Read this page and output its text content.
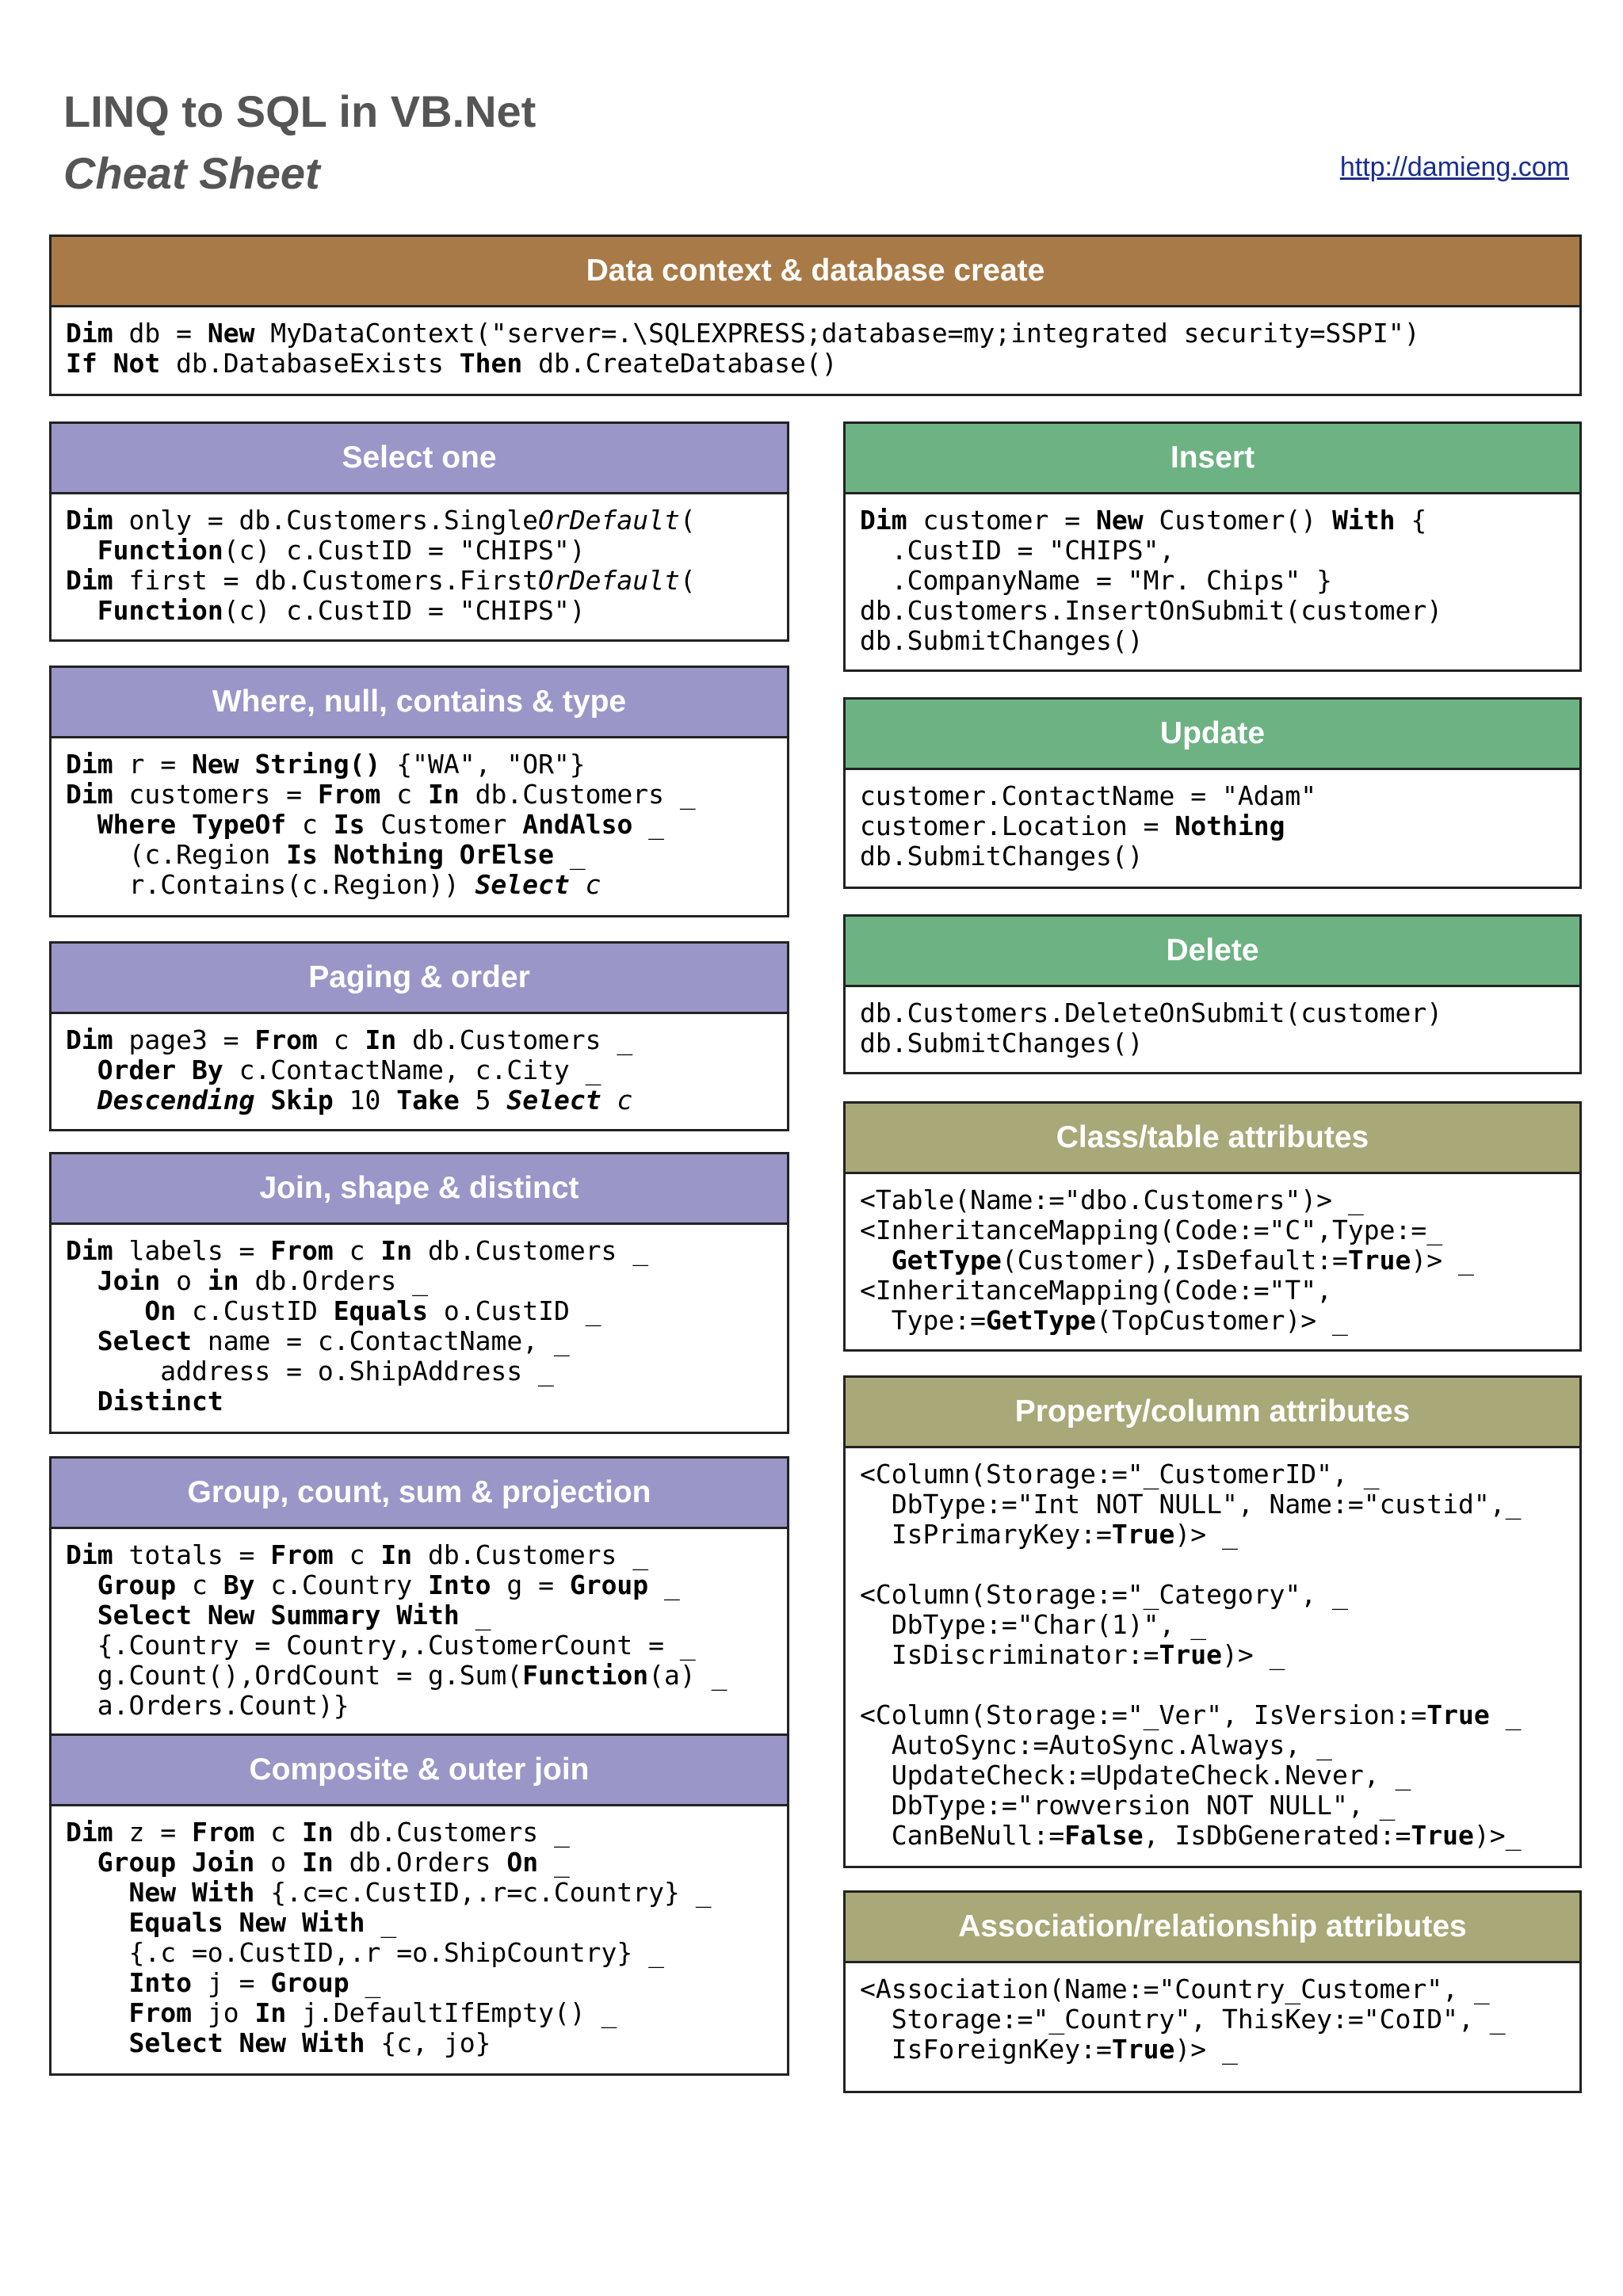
LINQ to SQL in VB.Net
Cheat Sheet	http://damieng.com
Data context & database create
Dim db = New MyDataContext("server=.\SQLEXPRESS;database=my;integrated security=SSPI")
If Not db.DatabaseExists Then db.CreateDatabase()
Select one
Dim only = db.Customers.SingleOrDefault(
Function(c) c.CustID = "CHIPS")
Dim first = db.Customers.FirstOrDefault(
Function(c) c.CustID = "CHIPS")
Where, null, contains & type
Dim r = New String() {"WA", "OR"}
Dim customers = From c In db.Customers _
Where TypeOf c Is Customer AndAlso _
(c.Region Is Nothing OrElse _
r.Contains(c.Region)) Select c
Paging & order
Dim page3 = From c In db.Customers _
Order By c.ContactName, c.City _
Descending Skip 10 Take 5 Select c
Join, shape & distinct
Dim labels = From c In db.Customers _
Join o in db.Orders _
On c.CustID Equals o.CustID _
Select name = c.ContactName, _
address = o.ShipAddress _
Distinct
Group, count, sum & projection
Dim totals = From c In db.Customers _
Group c By c.Country Into g = Group _
Select New Summary With _
{.Country = Country,.CustomerCount = _
g.Count(),OrdCount = g.Sum(Function(a) _
a.Orders.Count)}
Composite & outer join
Dim z = From c In db.Customers _
Group Join o In db.Orders On _
New With {.c=c.CustID,.r=c.Country} _
Equals New With _
{.c =o.CustID,.r =o.ShipCountry} _
Into j = Group _
From jo In j.DefaultIfEmpty() _
Select New With {c, jo}
Insert
Dim customer = New Customer() With {
.CustID = "CHIPS",
.CompanyName = "Mr. Chips" }
db.Customers.InsertOnSubmit(customer)
db.SubmitChanges()
Update
customer.ContactName = "Adam"
customer.Location = Nothing
db.SubmitChanges()
Delete
db.Customers.DeleteOnSubmit(customer)
db.SubmitChanges()
Class/table attributes
<Table(Name:="dbo.Customers")> _
<InheritanceMapping(Code:="C",Type:=_
GetType(Customer),IsDefault:=True)> _
<InheritanceMapping(Code:="T",
Type:=GetType(TopCustomer)> _
Property/column attributes
<Column(Storage:="_CustomerID", _
DbType:="Int NOT NULL", Name:="custid",_
IsPrimaryKey:=True)> _
<Column(Storage:="_Category", _
DbType:="Char(1)", _
IsDiscriminator:=True)> _
<Column(Storage:="_Ver", IsVersion:=True _
AutoSync:=AutoSync.Always, _
UpdateCheck:=UpdateCheck.Never, _
DbType:="rowversion NOT NULL", _
CanBeNull:=False, IsDbGenerated:=True)>_
Association/relationship attributes
<Association(Name:="Country_Customer", _
Storage:="_Country", ThisKey:="CoID", _
IsForeignKey:=True)> _
